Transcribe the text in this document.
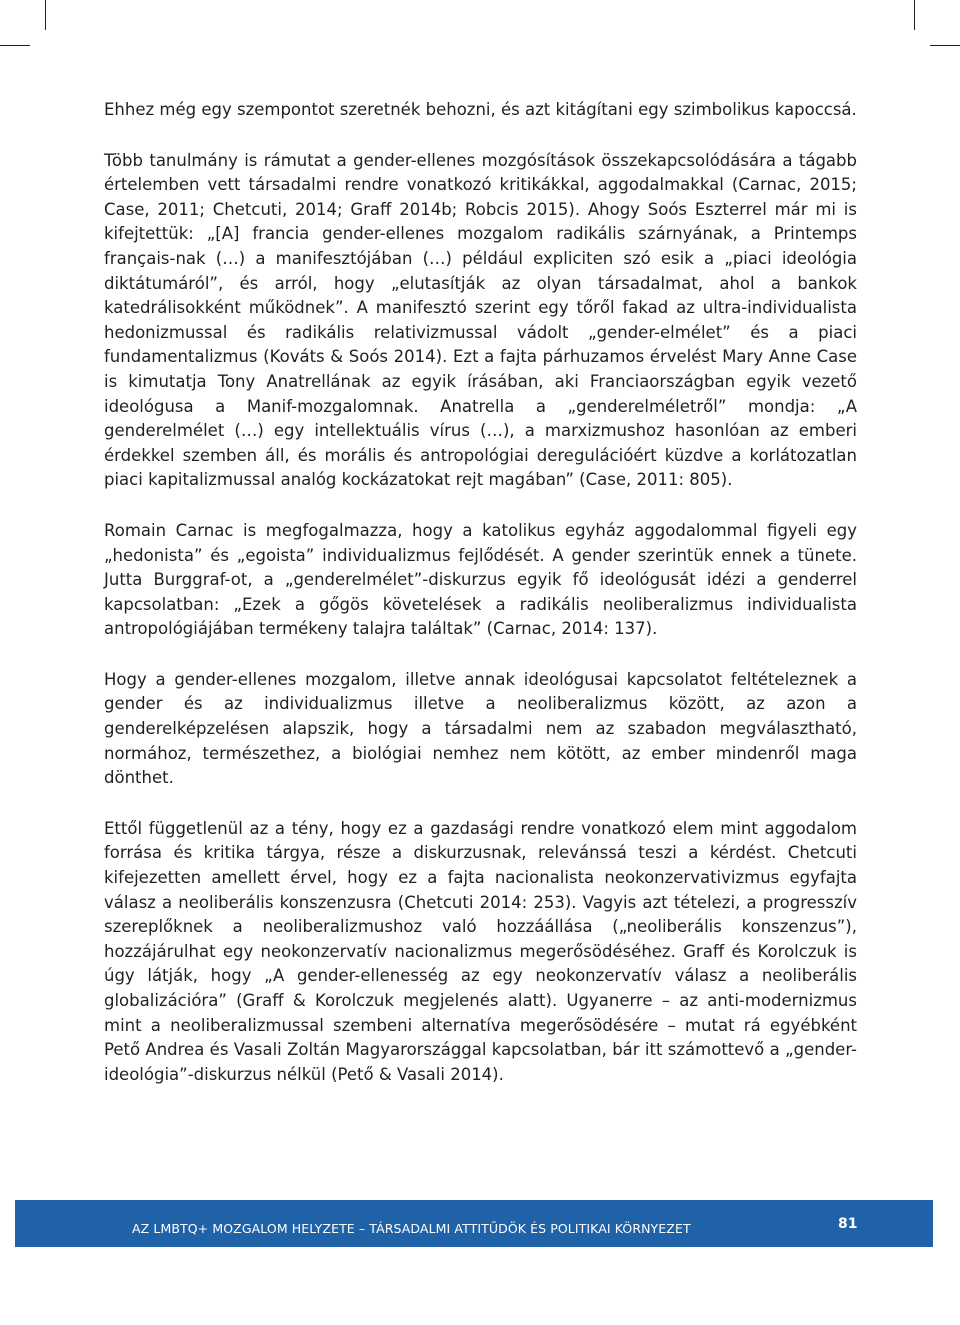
Ehhez még egy szempontot szeretnék behozni, és azt kitágítani egy szimbolikus kapoccsá.

Több tanulmány is rámutat a gender-ellenes mozgósítások összekapcsolódására a tágabb értelemben vett társadalmi rendre vonatkozó kritikákkal, aggodalmakkal (Carnac, 2015; Case, 2011; Chetcuti, 2014; Graff 2014b; Robcis 2015). Ahogy Soós Eszterrel már mi is kifejtettük: „[A] francia gender-ellenes mozgalom radikális szárnyának, a Printemps français-nak (…) a manifesztójában (…) például expliciten szó esik a „piaci ideológia diktátumáról”, és arról, hogy „elutasítják az olyan társadalmat, ahol a bankok katedrálisokként működnek”. A manifesztó szerint egy tőről fakad az ultra-individualista hedonizmussal és radikális relativizmussal vádolt „gender-elmélet” és a piaci fundamentalizmus (Kováts & Soós 2014). Ezt a fajta párhuzamos érvelést Mary Anne Case is kimutatja Tony Anatrellának az egyik írásában, aki Franciaországban egyik vezető ideológusa a Manif-mozgalomnak. Anatrella a „genderelméletről” mondja: „A genderelmélet (…) egy intellektuális vírus (…), a marxizmushoz hasonlóan az emberi érdekkel szemben áll, és morális és antropológiai deregulációért küzdve a korlátozatlan piaci kapitalizmussal analóg kockázatokat rejt magában” (Case, 2011: 805).

Romain Carnac is megfogalmazza, hogy a katolikus egyház aggodalommal figyeli egy „hedonista” és „egoista” individualizmus fejlődését. A gender szerintük ennek a tünete. Jutta Burggraf-ot, a „genderelmélet”-diskurzus egyik fő ideológusát idézi a genderrel kapcsolatban: „Ezek a gőgös követelések a radikális neoliberalizmus individualista antropológiájában termékeny talajra találtak” (Carnac, 2014: 137).

Hogy a gender-ellenes mozgalom, illetve annak ideológusai kapcsolatot feltételeznek a gender és az individualizmus illetve a neoliberalizmus között, az azon a genderelképzelésen alapszik, hogy a társadalmi nem az szabadon megválasztható, normához, természethez, a biológiai nemhez nem kötött, az ember mindenről maga dönthet.

Ettől függetlenül az a tény, hogy ez a gazdasági rendre vonatkozó elem mint aggodalom forrása és kritika tárgya, része a diskurzusnak, relevánssá teszi a kérdést. Chetcuti kifejezetten amellett érvel, hogy ez a fajta nacionalista neokonzervativizmus egyfajta válasz a neoliberális konszenzusra (Chetcuti 2014: 253). Vagyis azt tételezi, a progresszív szereplőknek a neoliberalizmushoz való hozzáállása („neoliberális konszenzus”), hozzájárulhat egy neokonzervatív nacionalizmus megerősödéséhez. Graff és Korolczuk is úgy látják, hogy „A gender-ellenesség az egy neokonzervatív válasz a neoliberális globalizációra” (Graff & Korolczuk megjelenés alatt). Ugyanerre – az anti-modernizmus mint a neoliberalizmussal szembeni alternatíva megerősödésére – mutat rá egyébként Pető Andrea és Vasali Zoltán Magyarországgal kapcsolatban, bár itt számottevő a „gender-ideológia”-diskurzus nélkül (Pető & Vasali 2014).

AZ LMBTQ+ MOZGALOM HELYZETE – TÁRSADALMI ATTITŰDÖK ÉS POLITIKAI KÖRNYEZET	81
